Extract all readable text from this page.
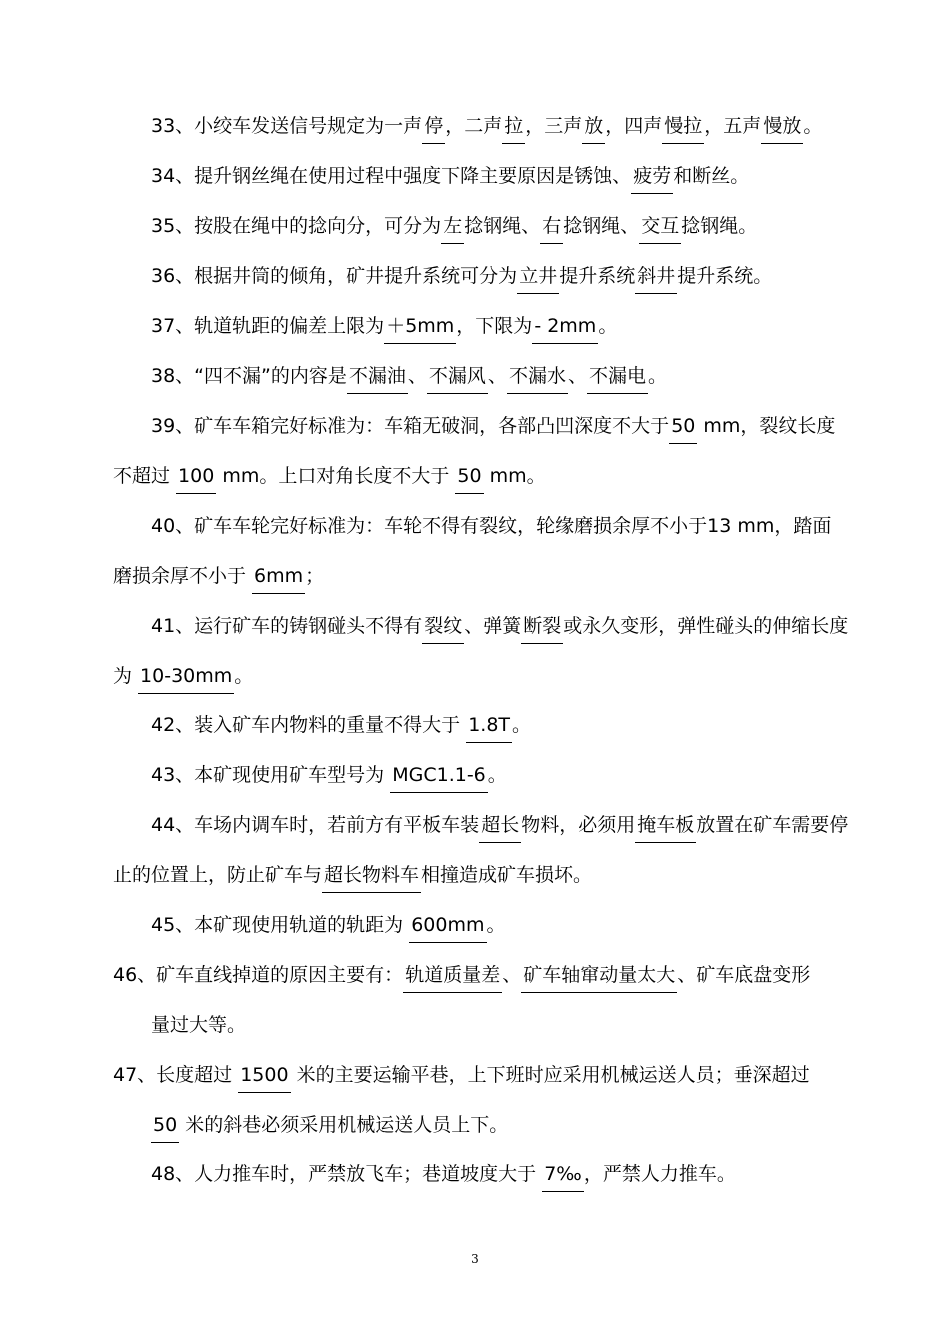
33、小绞车发送信号规定为一声 停 ，二声 拉 ，三声 放 ，四声 慢拉 ，五声 慢放 。
34、提升钢丝绳在使用过程中强度下降主要原因是锈蚀、 疲劳 和断丝。
35、按股在绳中的捻向分，可分为 左 捻钢绳、 右 捻钢绳、 交互 捻钢绳。
36、根据井筒的倾角，矿井提升系统可分为 立井 提升系统 斜井 提升系统。
37、轨道轨距的偏差上限为 ＋5mm ，下限为- 2mm 。
38、“四不漏”的内容是 不漏油 、 不漏风 、 不漏水 、 不漏电 。
39、矿车车箱完好标准为：车箱无破洞，各部凸凹深度不大于 50 mm，裂纹长度
不超过 100 mm。上口对角长度不大于 50 mm。
40、矿车车轮完好标准为：车轮不得有裂纹，轮缘磨损余厚不小于13 mm，踏面
磨损余厚不小于 6mm ；
41、运行矿车的铸钢碰头不得有 裂纹 、弹簧 断裂 或永久变形，弹性碰头的伸缩长度
为 10-30mm 。
42、装入矿车内物料的重量不得大于 1.8T 。
43、本矿现使用矿车型号为 MGC1.1-6 。
44、车场内调车时，若前方有平板车装 超长 物料，必须用 掩车板 放置在矿车需要停
止的位置上，防止矿车与 超长物料车 相撞造成矿车损坏。
45、本矿现使用轨道的轨距为 600mm 。
46、矿车直线掉道的原因主要有： 轨道质量差 、 矿车轴窜动量太大 、矿车底盘变形
量过大等。
47、长度超过 1500 米的主要运输平巷，上下班时应采用机械运送人员；垂深超过
50 米的斜巷必须采用机械运送人员上下。
48、人力推车时，严禁放飞车；巷道坡度大于 7‰ ，严禁人力推车。
3
